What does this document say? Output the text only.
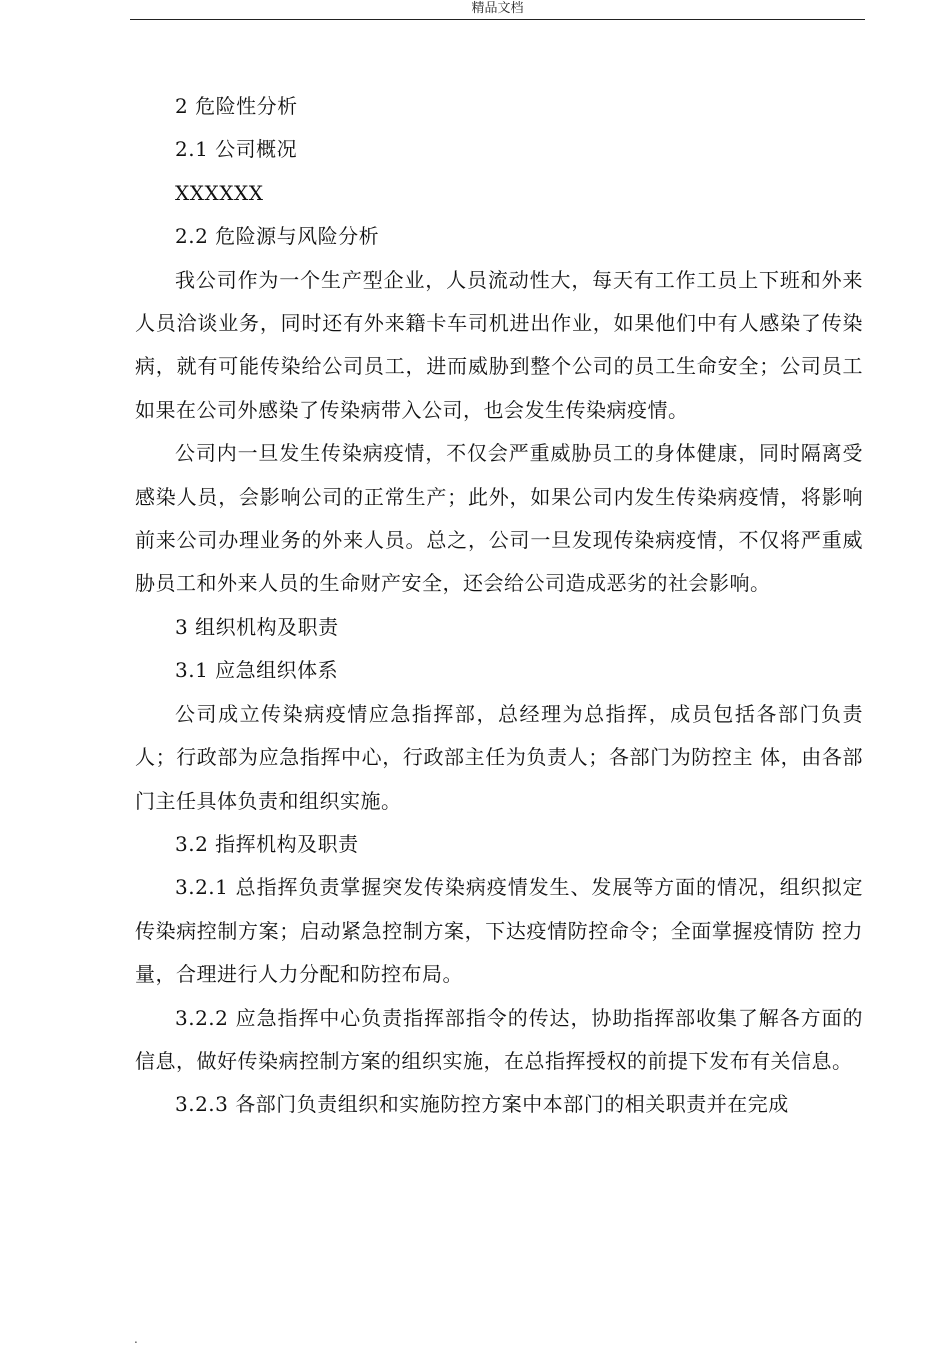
精品文档

2 危险性分析

2.1 公司概况

XXXXXX

2.2 危险源与风险分析

我公司作为一个生产型企业，人员流动性大，每天有工作工员上下班和外来人员洽谈业务，同时还有外来籍卡车司机进出作业，如果他们中有人感染了传染病，就有可能传染给公司员工，进而威胁到整个公司的员工生命安全；公司员工如果在公司外感染了传染病带入公司，也会发生传染病疫情。

公司内一旦发生传染病疫情，不仅会严重威胁员工的身体健康，同时隔离受感染人员，会影响公司的正常生产；此外，如果公司内发生传染病疫情，将影响前来公司办理业务的外来人员。总之，公司一旦发现传染病疫情，不仅将严重威胁员工和外来人员的生命财产安全，还会给公司造成恶劣的社会影响。

3 组织机构及职责

3.1 应急组织体系

公司成立传染病疫情应急指挥部，总经理为总指挥，成员包括各部门负责人；行政部为应急指挥中心，行政部主任为负责人；各部门为防控主 体，由各部门主任具体负责和组织实施。

3.2 指挥机构及职责

3.2.1 总指挥负责掌握突发传染病疫情发生、发展等方面的情况，组织拟定传染病控制方案；启动紧急控制方案，下达疫情防控命令；全面掌握疫情防 控力量，合理进行人力分配和防控布局。

3.2.2 应急指挥中心负责指挥部指令的传达，协助指挥部收集了解各方面的信息，做好传染病控制方案的组织实施，在总指挥授权的前提下发布有关信息。

3.2.3 各部门负责组织和实施防控方案中本部门的相关职责并在完成

.
